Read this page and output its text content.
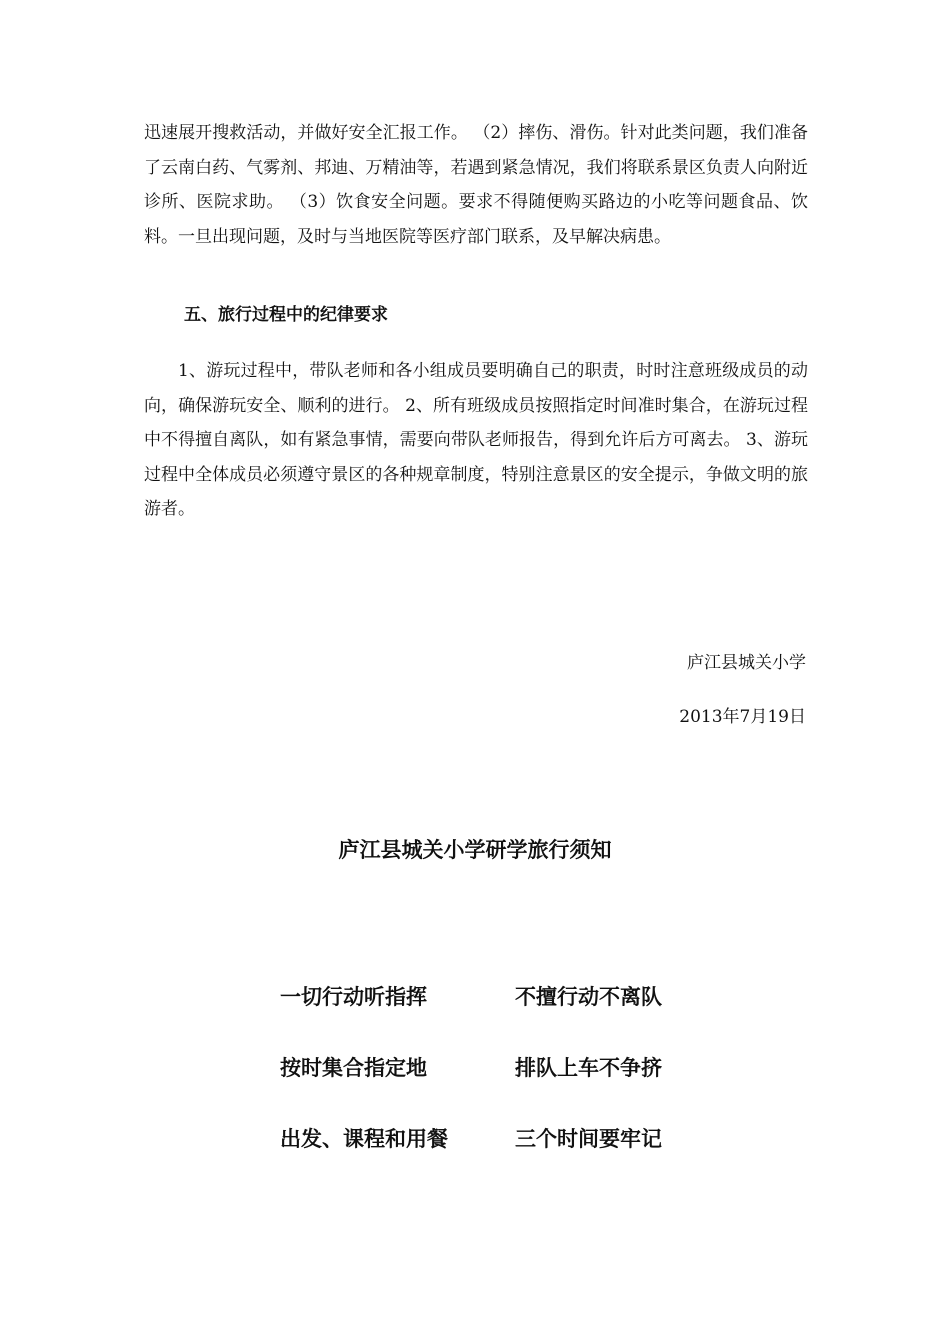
迅速展开搜救活动，并做好安全汇报工作。 （2）摔伤、滑伤。针对此类问题，我们准备了云南白药、气雾剂、邦迪、万精油等，若遇到紧急情况，我们将联系景区负责人向附近诊所、医院求助。 （3）饮食安全问题。要求不得随便购买路边的小吃等问题食品、饮料。一旦出现问题，及时与当地医院等医疗部门联系，及早解决病患。

五、旅行过程中的纪律要求

1、游玩过程中，带队老师和各小组成员要明确自己的职责，时时注意班级成员的动向，确保游玩安全、顺利的进行。 2、所有班级成员按照指定时间准时集合，在游玩过程中不得擅自离队，如有紧急事情，需要向带队老师报告，得到允许后方可离去。 3、游玩过程中全体成员必须遵守景区的各种规章制度，特别注意景区的安全提示，争做文明的旅游者。

庐江县城关小学

2013年7月19日

庐江县城关小学研学旅行须知
一切行动听指挥	不擅行动不离队
按时集合指定地	排队上车不争挤
出发、课程和用餐	三个时间要牢记
